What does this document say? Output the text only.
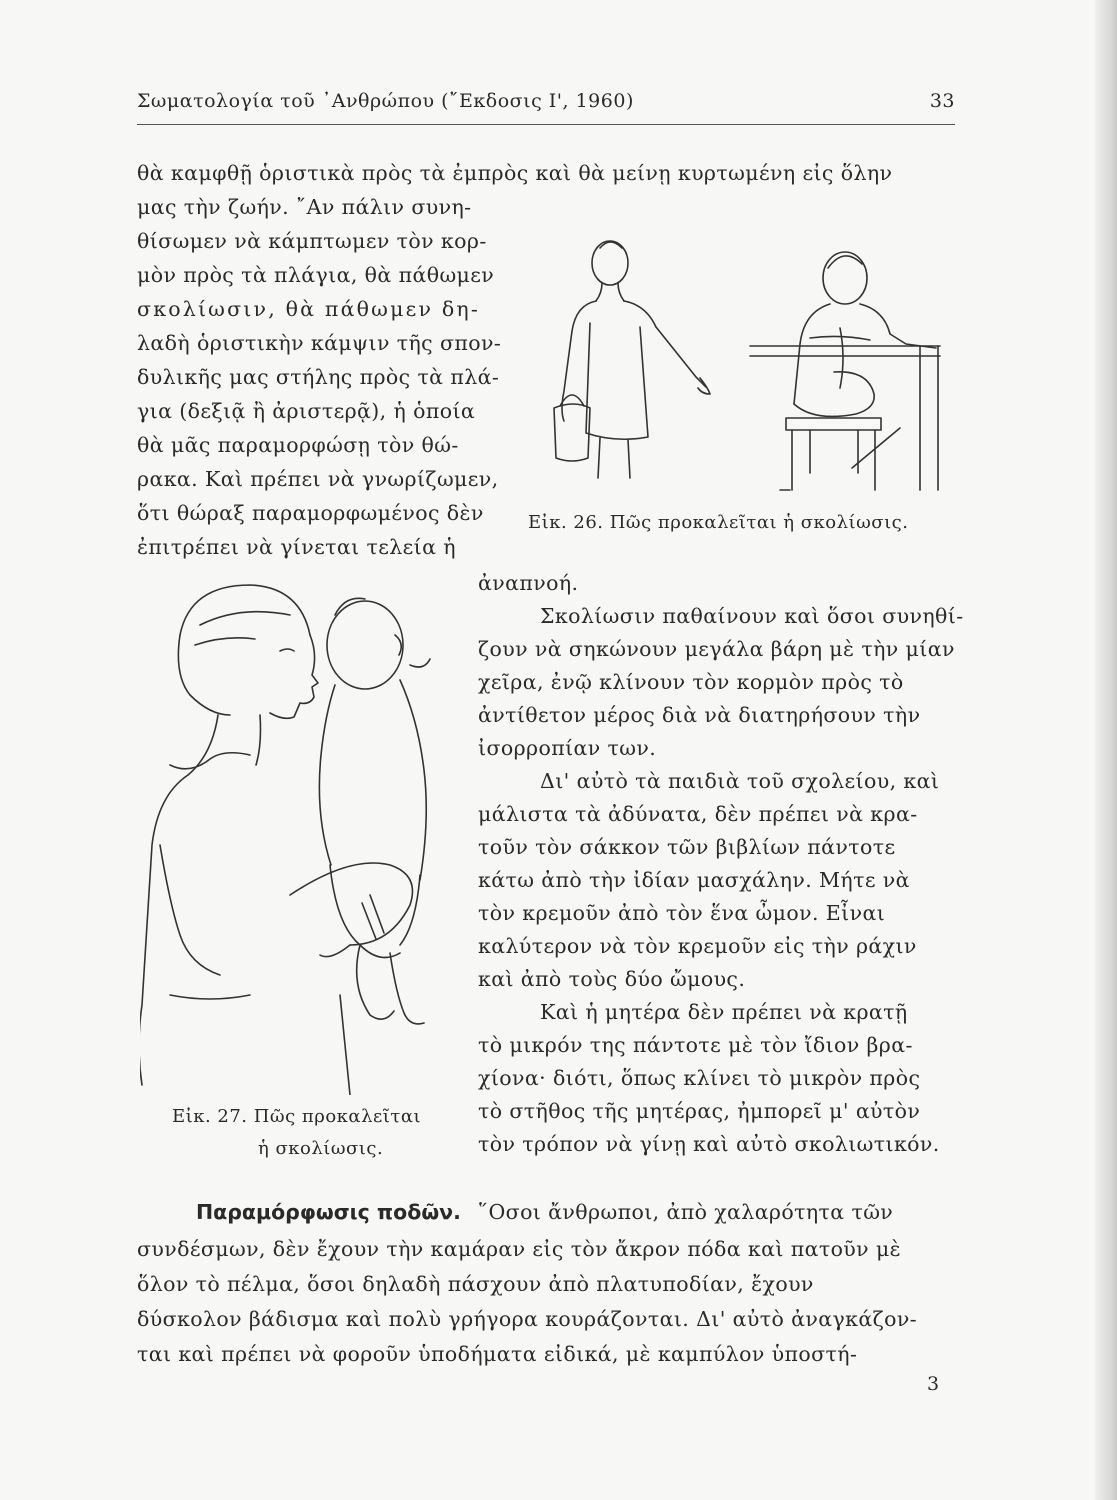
Σωματολογία τοῦ ᾿Ανθρώπου (῎Εκδοσις Ι', 1960)	33
θὰ καμφθῇ ὁριστικὰ πρὸς τὰ ἐμπρὸς καὶ θὰ μείνῃ κυρτωμένη εἰς ὅλην
μας τὴν ζωήν. ῎Αν πάλιν συνη-
θίσωμεν νὰ κάμπτωμεν τὸν κορ-
μὸν πρὸς τὰ πλάγια, θὰ πάθωμεν
σκολίωσιν, θὰ πάθωμεν δη-
λαδὴ ὁριστικὴν κάμψιν τῆς σπον-
δυλικῆς μας στήλης πρὸς τὰ πλά-
για (δεξιᾷ ἢ ἀριστερᾷ), ἡ ὁποία
θὰ μᾶς παραμορφώσῃ τὸν θώ-
ρακα. Καὶ πρέπει νὰ γνωρίζωμεν,
ὅτι θώραξ παραμορφωμένος δὲν
ἐπιτρέπει νὰ γίνεται τελεία ἡ
Εἰκ. 26. Πῶς προκαλεῖται ἡ σκολίωσις.
ἀναπνοή.
Σκολίωσιν παθαίνουν καὶ ὅσοι συνηθί-
ζουν νὰ σηκώνουν μεγάλα βάρη μὲ τὴν μίαν
χεῖρα, ἐνῷ κλίνουν τὸν κορμὸν πρὸς τὸ
ἀντίθετον μέρος διὰ νὰ διατηρήσουν τὴν
ἰσορροπίαν των.
Δι' αὐτὸ τὰ παιδιὰ τοῦ σχολείου, καὶ
μάλιστα τὰ ἀδύνατα, δὲν πρέπει νὰ κρα-
τοῦν τὸν σάκκον τῶν βιβλίων πάντοτε
κάτω ἀπὸ τὴν ἰδίαν μασχάλην. Μήτε νὰ
τὸν κρεμοῦν ἀπὸ τὸν ἕνα ὦμον. Εἶναι
καλύτερον νὰ τὸν κρεμοῦν εἰς τὴν ράχιν
καὶ ἀπὸ τοὺς δύο ὤμους.
Καὶ ἡ μητέρα δὲν πρέπει νὰ κρατῇ
τὸ μικρόν της πάντοτε μὲ τὸν ἴδιον βρα-
χίονα· διότι, ὅπως κλίνει τὸ μικρὸν πρὸς
τὸ στῆθος τῆς μητέρας, ἠμπορεῖ μ' αὐτὸν
τὸν τρόπον νὰ γίνῃ καὶ αὐτὸ σκολιωτικόν.
Εἰκ. 27. Πῶς προκαλεῖται
ἡ σκολίωσις.
Παραμόρφωσις ποδῶν. ῞Οσοι ἄνθρωποι, ἀπὸ χαλαρότητα τῶν
συνδέσμων, δὲν ἔχουν τὴν καμάραν εἰς τὸν ἄκρον πόδα καὶ πατοῦν μὲ
ὅλον τὸ πέλμα, ὅσοι δηλαδὴ πάσχουν ἀπὸ πλατυποδίαν, ἔχουν
δύσκολον βάδισμα καὶ πολὺ γρήγορα κουράζονται. Δι' αὐτὸ ἀναγκάζον-
ται καὶ πρέπει νὰ φοροῦν ὑποδήματα εἰδικά, μὲ καμπύλον ὑποστή-
3
